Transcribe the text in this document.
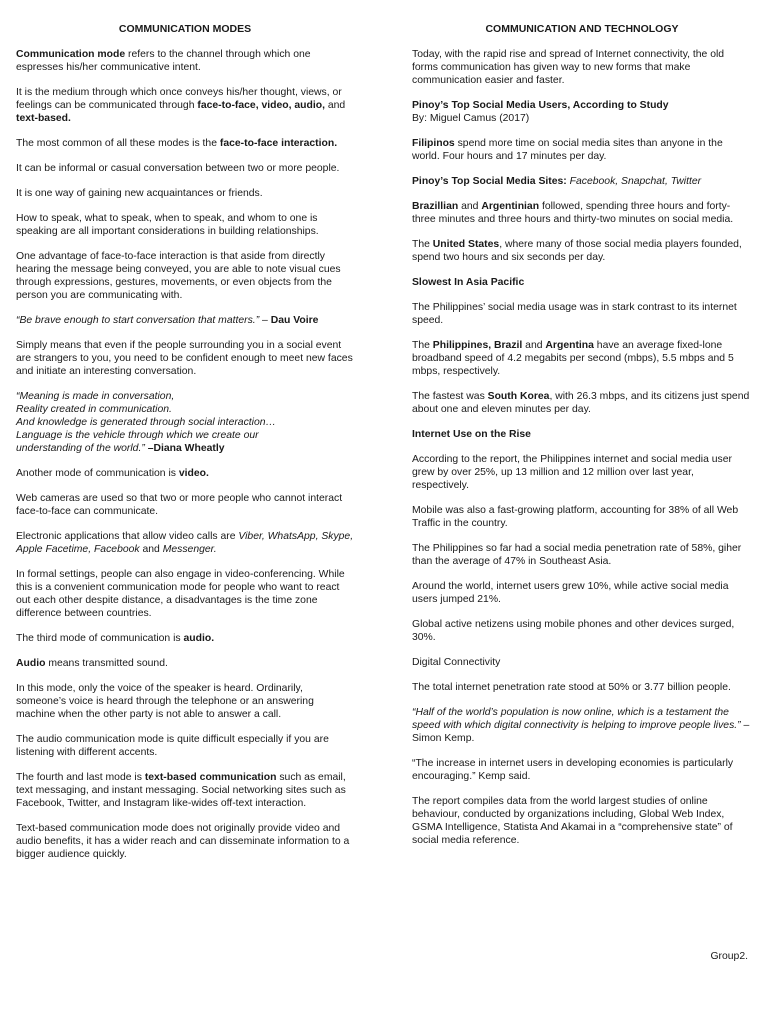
COMMUNICATION MODES

Communication mode refers to the channel through which one espresses his/her communicative intent.

It is the medium through which once conveys his/her thought, views, or feelings can be communicated through face-to-face, video, audio, and text-based.

The most common of all these modes is the face-to-face interaction.

It can be informal or casual conversation between two or more people.

It is one way of gaining new acquaintances or friends.

How to speak, what to speak, when to speak, and whom to one is speaking are all important considerations in building relationships.

One advantage of face-to-face interaction is that aside from directly hearing the message being conveyed, you are able to note visual cues through expressions, gestures, movements, or even objects from the person you are communicating with.

“Be brave enough to start conversation that matters.” – Dau Voire

Simply means that even if the people surrounding you in a social event are strangers to you, you need to be confident enough to meet new faces and initiate an interesting conversation.

“Meaning is made in conversation,
Reality created in communication.
And knowledge is generated through social interaction…
Language is the vehicle through which we create our
understanding of the world.” –Diana Wheatly

Another mode of communication is video.

Web cameras are used so that two or more people who cannot interact face-to-face can communicate.

Electronic applications that allow video calls are Viber, WhatsApp, Skype, Apple Facetime, Facebook and Messenger.

In formal settings, people can also engage in video-conferencing. While this is a convenient communication mode for people who want to react out each other despite distance, a disadvantages is the time zone difference between countries.

The third mode of communication is audio.

Audio means transmitted sound.

In this mode, only the voice of the speaker is heard. Ordinarily, someone’s voice is heard through the telephone or an answering machine when the other party is not able to answer a call.

The audio communication mode is quite difficult especially if you are listening with different accents.

The fourth and last mode is text-based communication such as email, text messaging, and instant messaging. Social networking sites such as Facebook, Twitter, and Instagram like-wides off-text interaction.

Text-based communication mode does not originally provide video and audio benefits, it has a wider reach and can disseminate information to a bigger audience quickly.

COMMUNICATION AND TECHNOLOGY

Today, with the rapid rise and spread of Internet connectivity, the old forms communication has given way to new forms that make communication easier and faster.

Pinoy’s Top Social Media Users, According to Study
By: Miguel Camus (2017)

Filipinos spend more time on social media sites than anyone in the world. Four hours and 17 minutes per day.

Pinoy’s Top Social Media Sites: Facebook, Snapchat, Twitter

Brazillian and Argentinian followed, spending three hours and forty-three minutes and three hours and thirty-two minutes on social media.

The United States, where many of those social media players founded, spend two hours and six seconds per day.

Slowest In Asia Pacific

The Philippines’ social media usage was in stark contrast to its internet speed.

The Philippines, Brazil and Argentina have an average fixed-lone broadband speed of 4.2 megabits per second (mbps), 5.5 mbps and 5 mbps, respectively.

The fastest was South Korea, with 26.3 mbps, and its citizens just spend about one and eleven minutes per day.

Internet Use on the Rise

According to the report, the Philippines internet and social media user grew by over 25%, up 13 million and 12 million over last year, respectively.

Mobile was also a fast-growing platform, accounting for 38% of all Web Traffic in the country.

The Philippines so far had a social media penetration rate of 58%, giher than the average of 47% in Southeast Asia.

Around the world, internet users grew 10%, while active social media users jumped 21%.

Global active netizens using mobile phones and other devices surged, 30%.

Digital Connectivity

The total internet penetration rate stood at 50% or 3.77 billion people.

“Half of the world’s population is now online, which is a testament the speed with which digital connectivity is helping to improve people lives.” –Simon Kemp.

“The increase in internet users in developing economies is particularly encouraging.” Kemp said.

The report compiles data from the world largest studies of online behaviour, conducted by organizations including, Global Web Index, GSMA Intelligence, Statista And Akamai in a “comprehensive state” of social media reference.

Group2.
